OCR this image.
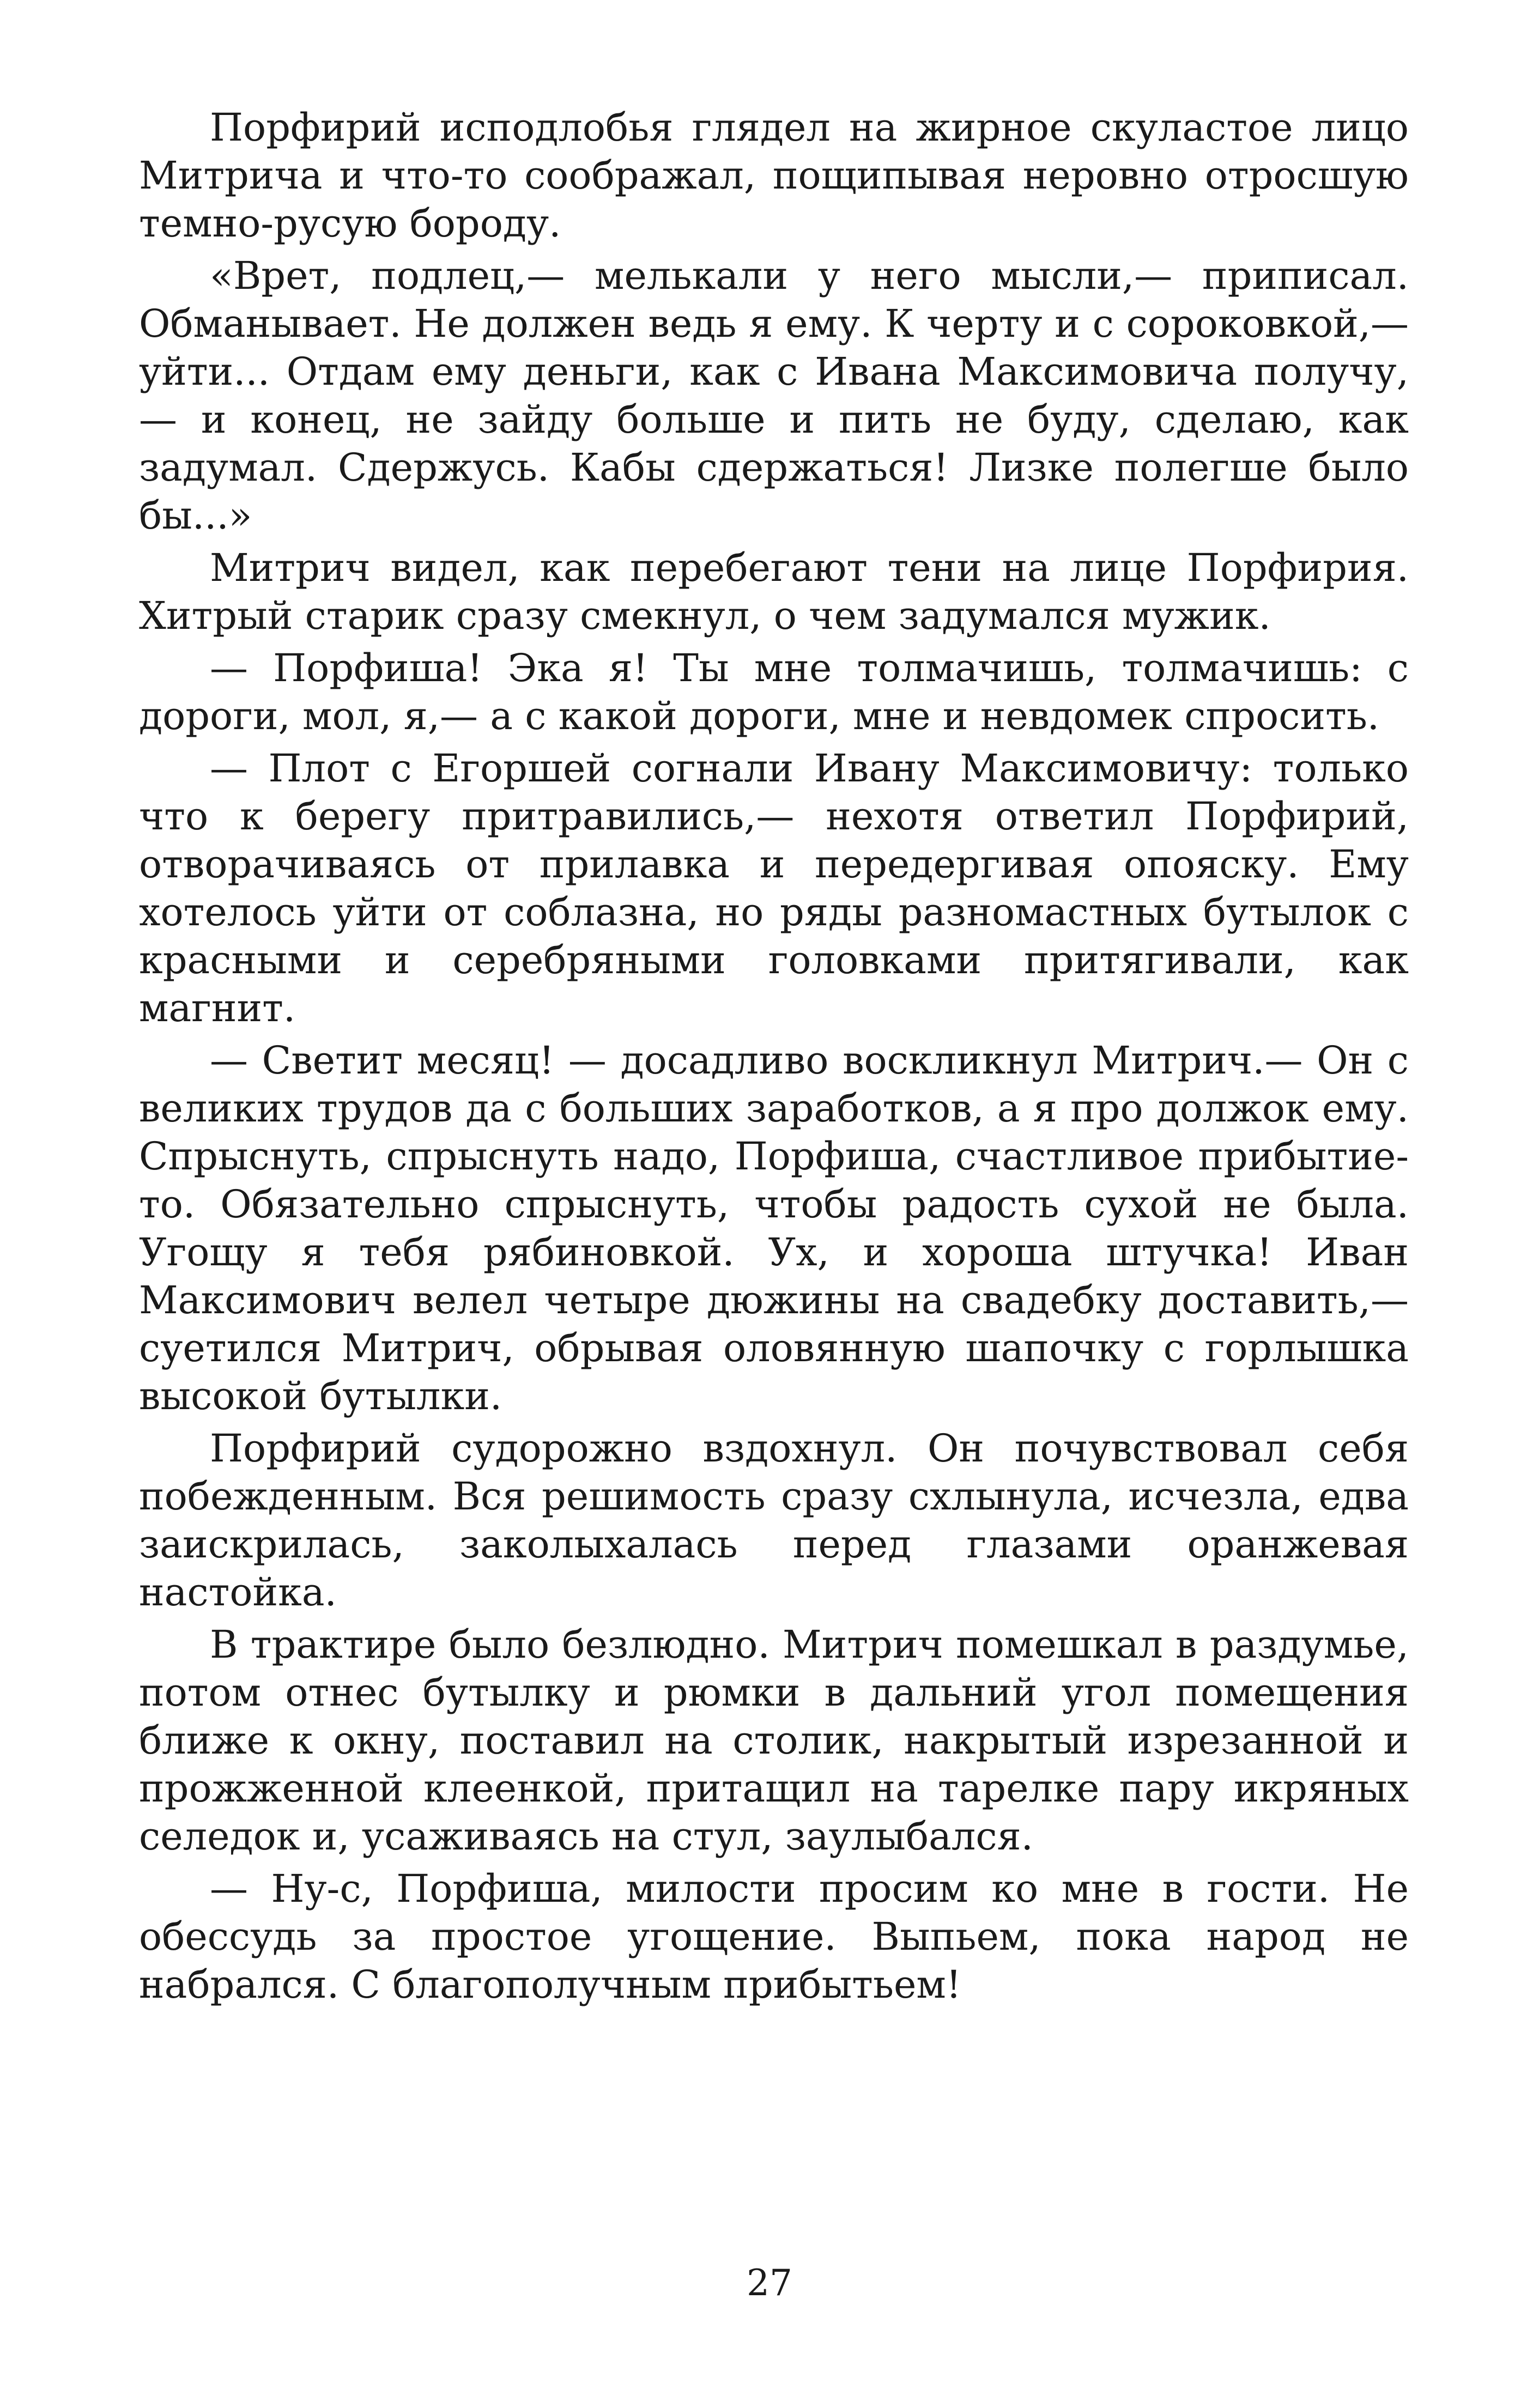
Порфирий исподлобья глядел на жирное скуластое лицо Митрича и что-то соображал, пощипывая неровно отросшую темно-русую бороду.

«Врет, подлец,— мелькали у него мысли,— приписал. Обманывает. Не должен ведь я ему. К черту и с сороковкой,— уйти... Отдам ему деньги, как с Ивана Максимовича получу,— и конец, не зайду больше и пить не буду, сделаю, как задумал. Сдержусь. Кабы сдержаться! Лизке полегше было бы...»

Митрич видел, как перебегают тени на лице Порфирия. Хитрый старик сразу смекнул, о чем задумался мужик.

— Порфиша! Эка я! Ты мне толмачишь, толмачишь: с дороги, мол, я,— а с какой дороги, мне и невдомек спросить.

— Плот с Егоршей согнали Ивану Максимовичу: только что к берегу притравились,— нехотя ответил Порфирий, отворачиваясь от прилавка и передергивая опояску. Ему хотелось уйти от соблазна, но ряды разномастных бутылок с красными и серебряными головками притягивали, как магнит.

— Светит месяц! — досадливо воскликнул Митрич.— Он с великих трудов да с больших заработков, а я про должок ему. Спрыснуть, спрыснуть надо, Порфиша, счастливое прибытие-то. Обязательно спрыснуть, чтобы радость сухой не была. Угощу я тебя рябиновкой. Ух, и хороша штучка! Иван Максимович велел четыре дюжины на свадебку доставить,— суетился Митрич, обрывая оловянную шапочку с горлышка высокой бутылки.

Порфирий судорожно вздохнул. Он почувствовал себя побежденным. Вся решимость сразу схлынула, исчезла, едва заискрилась, заколыхалась перед глазами оранжевая настойка.

В трактире было безлюдно. Митрич помешкал в раздумье, потом отнес бутылку и рюмки в дальний угол помещения ближе к окну, поставил на столик, накрытый изрезанной и прожженной клеенкой, притащил на тарелке пару икряных селедок и, усаживаясь на стул, заулыбался.

— Ну-с, Порфиша, милости просим ко мне в гости. Не обессудь за простое угощение. Выпьем, пока народ не набрался. С благополучным прибытьем!

27
